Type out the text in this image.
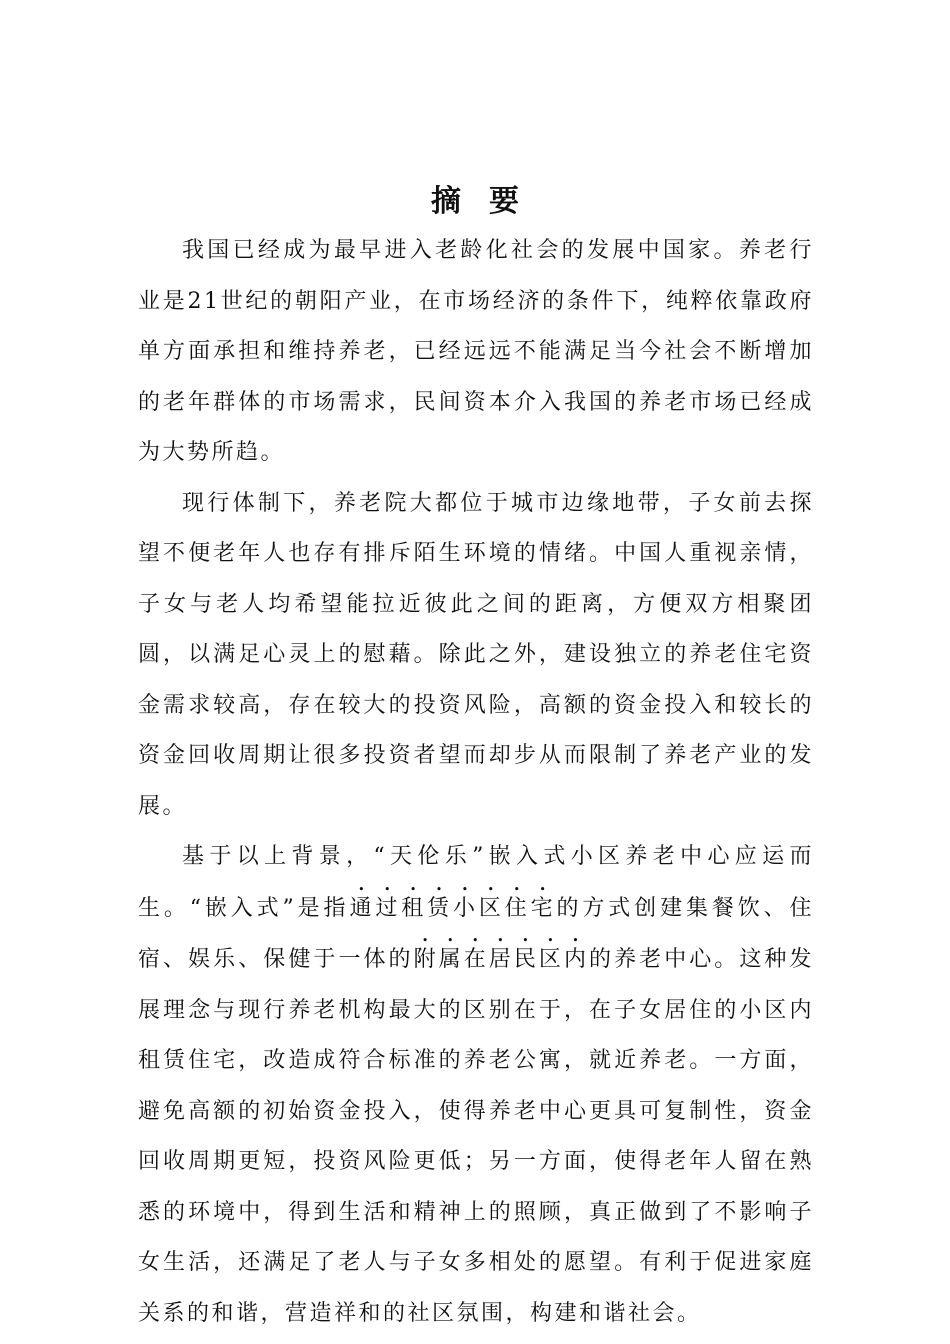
摘 要

我国已经成为最早进入老龄化社会的发展中国家。养老行业是21世纪的朝阳产业，在市场经济的条件下，纯粹依靠政府单方面承担和维持养老，已经远远不能满足当今社会不断增加的老年群体的市场需求，民间资本介入我国的养老市场已经成为大势所趋。

现行体制下，养老院大都位于城市边缘地带，子女前去探望不便老年人也存有排斥陌生环境的情绪。中国人重视亲情，子女与老人均希望能拉近彼此之间的距离，方便双方相聚团圆，以满足心灵上的慰藉。除此之外，建设独立的养老住宅资金需求较高，存在较大的投资风险，高额的资金投入和较长的资金回收周期让很多投资者望而却步从而限制了养老产业的发展。

基于以上背景，“天伦乐”嵌入式小区养老中心应运而生。“嵌入式”是指通过租赁小区住宅的方式创建集餐饮、住宿、娱乐、保健于一体的附属在居民区内的养老中心。这种发展理念与现行养老机构最大的区别在于，在子女居住的小区内租赁住宅，改造成符合标准的养老公寓，就近养老。一方面，避免高额的初始资金投入，使得养老中心更具可复制性，资金回收周期更短，投资风险更低；另一方面，使得老年人留在熟悉的环境中，得到生活和精神上的照顾，真正做到了不影响子女生活，还满足了老人与子女多相处的愿望。有利于促进家庭关系的和谐，营造祥和的社区氛围，构建和谐社会。
